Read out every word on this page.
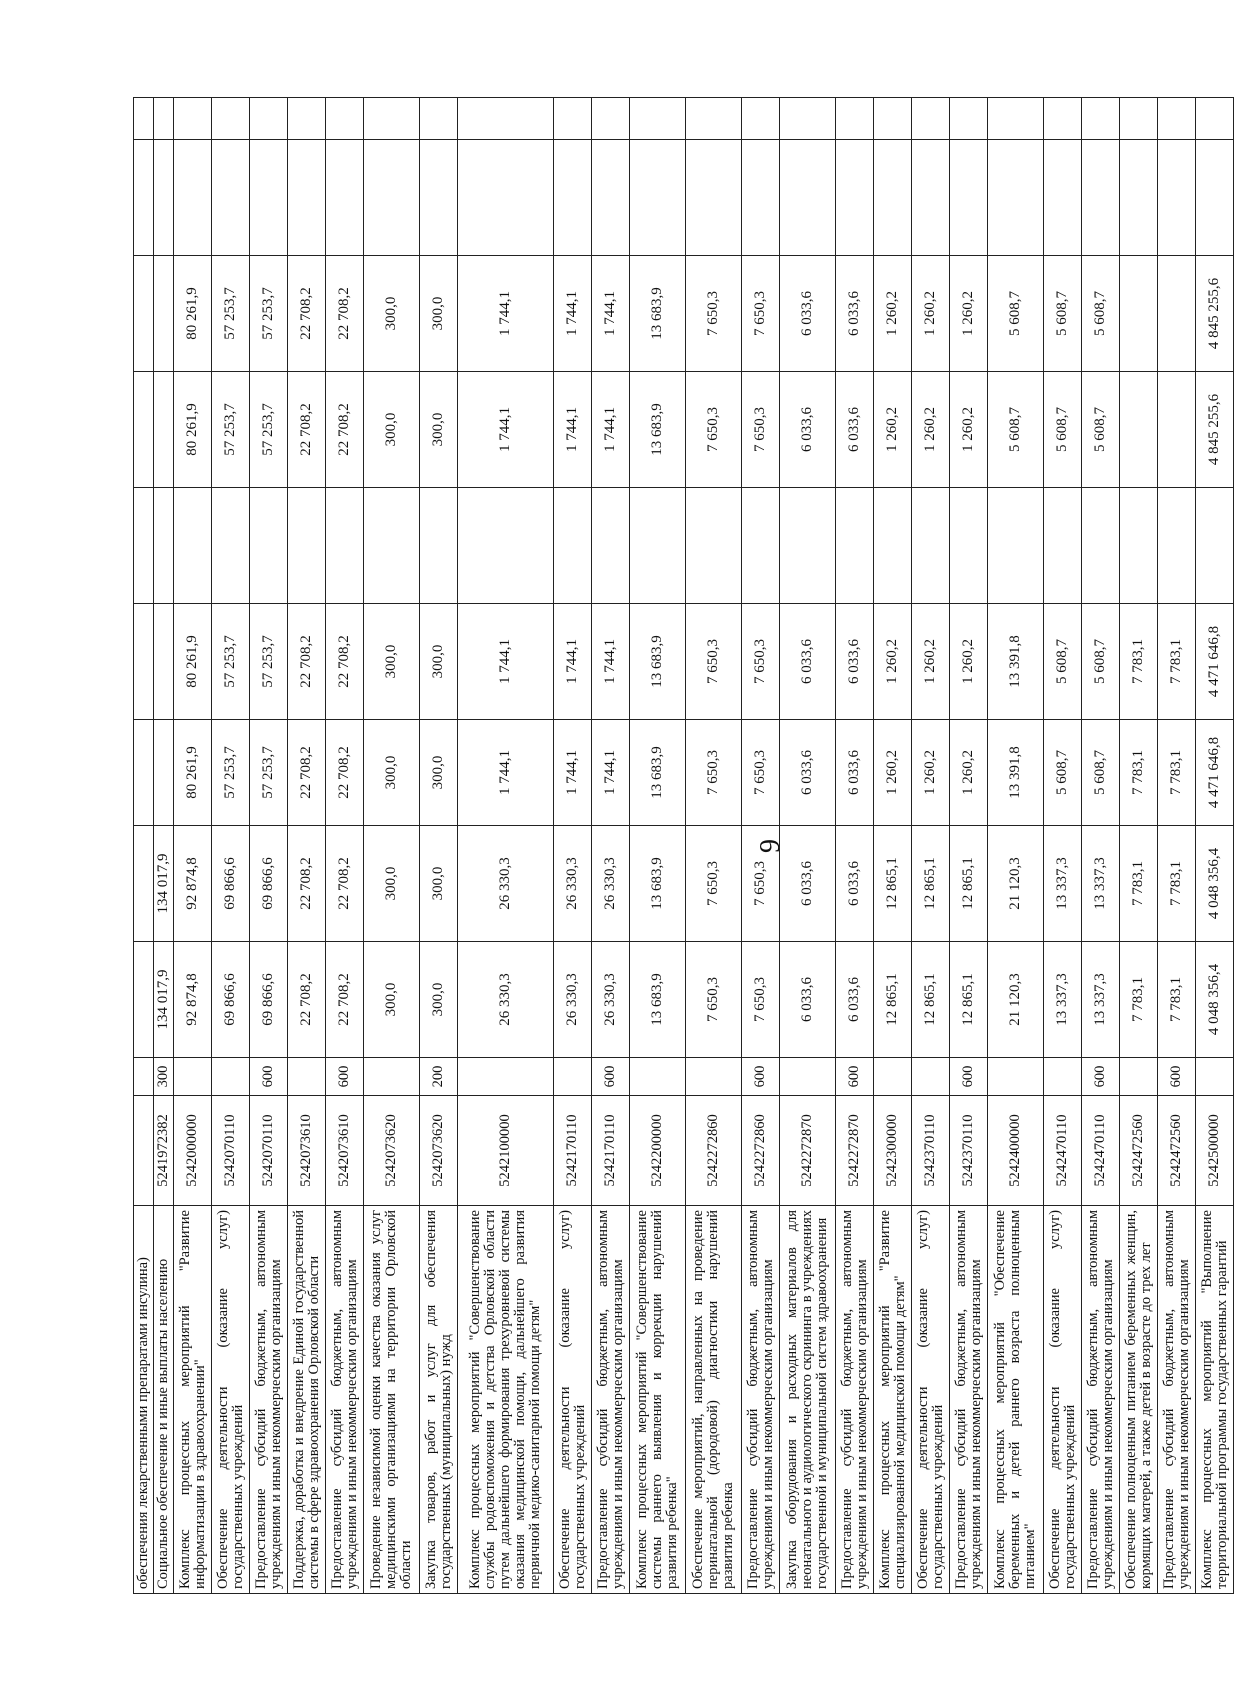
9
обеспечения лекарственными препаратами инсулина)											
Социальное обеспечение и иные выплаты населению	5241972382	300	134 017,9	134 017,9							
Комплекс процессных мероприятий "Развитие информатизации в здравоохранении"	5242000000		92 874,8	92 874,8	80 261,9	80 261,9		80 261,9	80 261,9		
Обеспечение деятельности (оказание услуг) государственных учреждений	5242070110		69 866,6	69 866,6	57 253,7	57 253,7		57 253,7	57 253,7		
Предоставление субсидий бюджетным, автономным учреждениям и иным некоммерческим организациям	5242070110	600	69 866,6	69 866,6	57 253,7	57 253,7		57 253,7	57 253,7		
Поддержка, доработка и внедрение Единой государственной системы в сфере здравоохранения Орловской области	5242073610		22 708,2	22 708,2	22 708,2	22 708,2		22 708,2	22 708,2		
Предоставление субсидий бюджетным, автономным учреждениям и иным некоммерческим организациям	5242073610	600	22 708,2	22 708,2	22 708,2	22 708,2		22 708,2	22 708,2		
Проведение независимой оценки качества оказания услуг медицинскими организациями на территории Орловской области	5242073620		300,0	300,0	300,0	300,0		300,0	300,0		
Закупка товаров, работ и услуг для обеспечения государственных (муниципальных) нужд	5242073620	200	300,0	300,0	300,0	300,0		300,0	300,0		
Комплекс процессных мероприятий "Совершенствование службы родовспоможения и детства Орловской области путем дальнейшего формирования трехуровневой системы оказания медицинской помощи, дальнейшего развития первичной медико-санитарной помощи детям"	5242100000		26 330,3	26 330,3	1 744,1	1 744,1		1 744,1	1 744,1		
Обеспечение деятельности (оказание услуг) государственных учреждений	5242170110		26 330,3	26 330,3	1 744,1	1 744,1		1 744,1	1 744,1		
Предоставление субсидий бюджетным, автономным учреждениям и иным некоммерческим организациям	5242170110	600	26 330,3	26 330,3	1 744,1	1 744,1		1 744,1	1 744,1		
Комплекс процессных мероприятий "Совершенствование системы раннего выявления и коррекции нарушений развития ребенка"	5242200000		13 683,9	13 683,9	13 683,9	13 683,9		13 683,9	13 683,9		
Обеспечение мероприятий, направленных на проведение перинатальной (дородовой) диагностики нарушений развития ребенка	5242272860		7 650,3	7 650,3	7 650,3	7 650,3		7 650,3	7 650,3		
Предоставление субсидий бюджетным, автономным учреждениям и иным некоммерческим организациям	5242272860	600	7 650,3	7 650,3	7 650,3	7 650,3		7 650,3	7 650,3		
Закупка оборудования и расходных материалов для неонатального и аудиологического скрининга в учреждениях государственной и муниципальной систем здравоохранения	5242272870		6 033,6	6 033,6	6 033,6	6 033,6		6 033,6	6 033,6		
Предоставление субсидий бюджетным, автономным учреждениям и иным некоммерческим организациям	5242272870	600	6 033,6	6 033,6	6 033,6	6 033,6		6 033,6	6 033,6		
Комплекс процессных мероприятий "Развитие специализированной медицинской помощи детям"	5242300000		12 865,1	12 865,1	1 260,2	1 260,2		1 260,2	1 260,2		
Обеспечение деятельности (оказание услуг) государственных учреждений	5242370110		12 865,1	12 865,1	1 260,2	1 260,2		1 260,2	1 260,2		
Предоставление субсидий бюджетным, автономным учреждениям и иным некоммерческим организациям	5242370110	600	12 865,1	12 865,1	1 260,2	1 260,2		1 260,2	1 260,2		
Комплекс процессных мероприятий "Обеспечение беременных и детей раннего возраста полноценным питанием"	5242400000		21 120,3	21 120,3	13 391,8	13 391,8		5 608,7	5 608,7		
Обеспечение деятельности (оказание услуг) государственных учреждений	5242470110		13 337,3	13 337,3	5 608,7	5 608,7		5 608,7	5 608,7		
Предоставление субсидий бюджетным, автономным учреждениям и иным некоммерческим организациям	5242470110	600	13 337,3	13 337,3	5 608,7	5 608,7		5 608,7	5 608,7		
Обеспечение полноценным питанием беременных женщин, кормящих матерей, а также детей в возрасте до трех лет	5242472560		7 783,1	7 783,1	7 783,1	7 783,1					
Предоставление субсидий бюджетным, автономным учреждениям и иным некоммерческим организациям	5242472560	600	7 783,1	7 783,1	7 783,1	7 783,1					
Комплекс процессных мероприятий "Выполнение территориальной программы государственных гарантий	5242500000		4 048 356,4	4 048 356,4	4 471 646,8	4 471 646,8		4 845 255,6	4 845 255,6		
